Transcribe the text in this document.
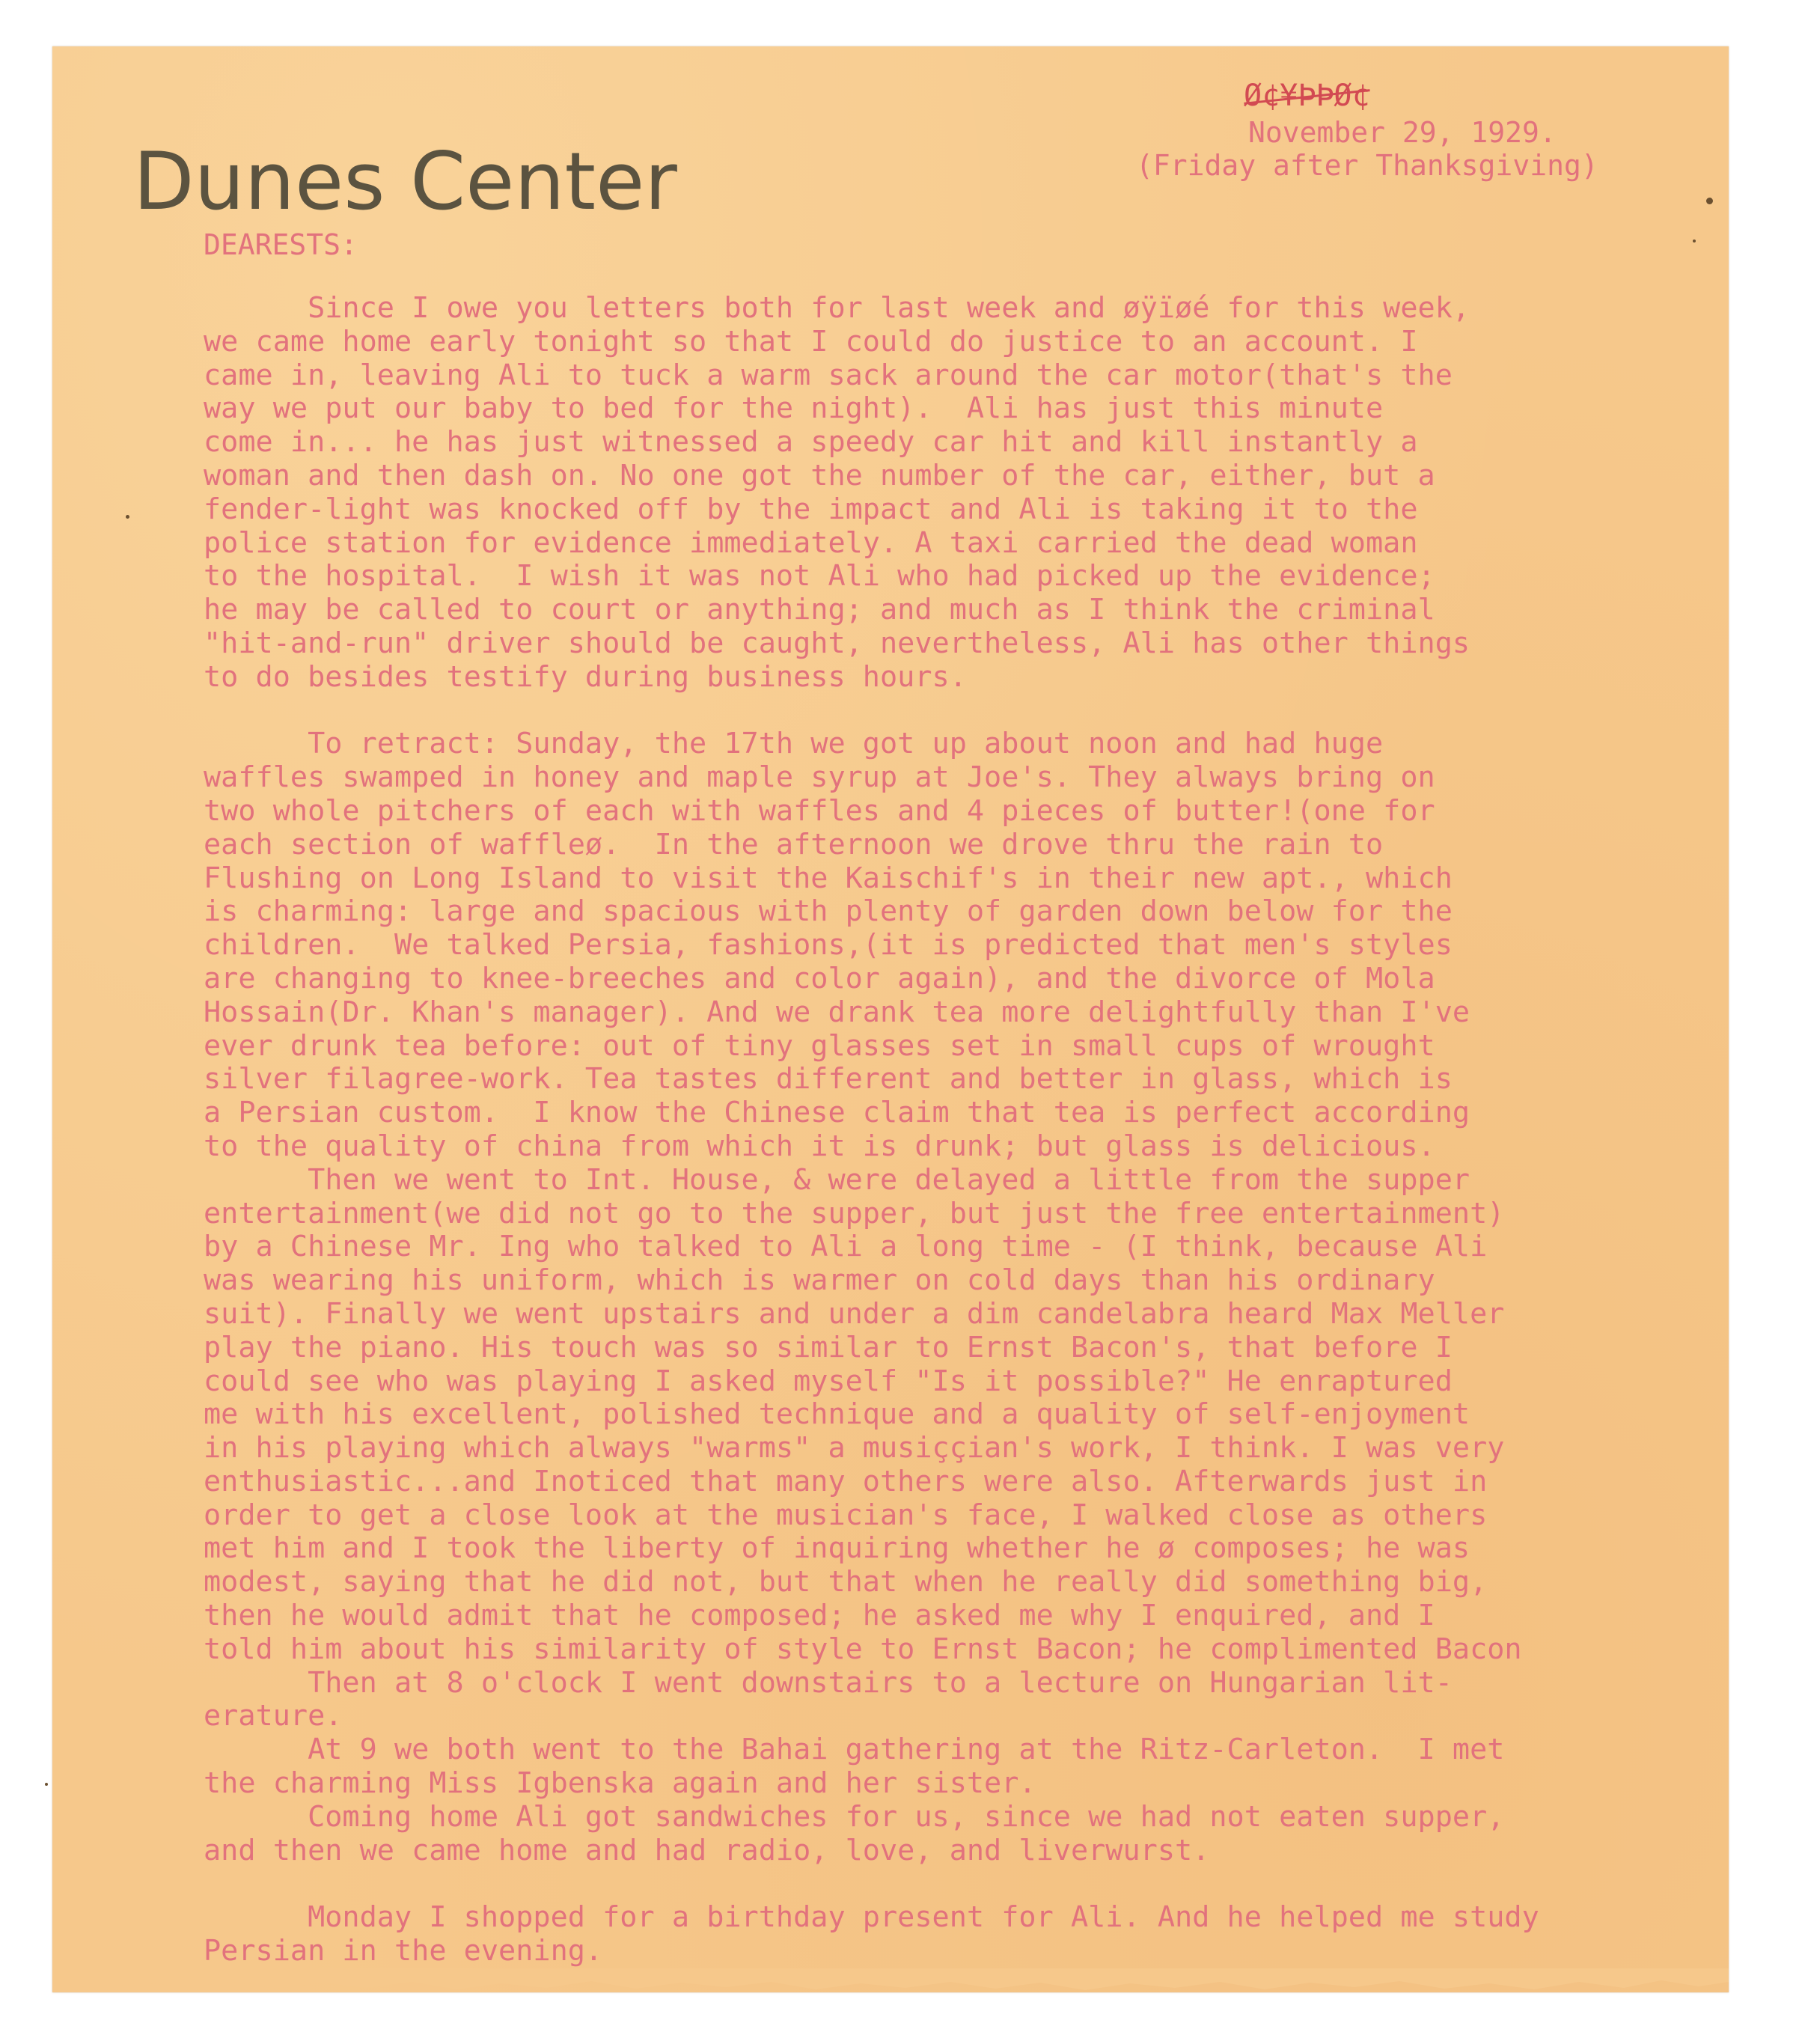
Ø¢¥ÞÞØ¢
November 29, 1929.
(Friday after Thanksgiving)
Dunes Center
DEARESTS:
Since I owe you letters both for last week and øÿïøé for this week,
we came home early tonight so that I could do justice to an account. I
came in, leaving Ali to tuck a warm sack around the car motor(that's the
way we put our baby to bed for the night).  Ali has just this minute
come in... he has just witnessed a speedy car hit and kill instantly a
woman and then dash on. No one got the number of the car, either, but a
fender-light was knocked off by the impact and Ali is taking it to the
police station for evidence immediately. A taxi carried the dead woman
to the hospital.  I wish it was not Ali who had picked up the evidence;
he may be called to court or anything; and much as I think the criminal
"hit-and-run" driver should be caught, nevertheless, Ali has other things
to do besides testify during business hours.
To retract: Sunday, the 17th we got up about noon and had huge
waffles swamped in honey and maple syrup at Joe's. They always bring on
two whole pitchers of each with waffles and 4 pieces of butter!(one for
each section of waffleø.  In the afternoon we drove thru the rain to
Flushing on Long Island to visit the Kaischif's in their new apt., which
is charming: large and spacious with plenty of garden down below for the
children.  We talked Persia, fashions,(it is predicted that men's styles
are changing to knee-breeches and color again), and the divorce of Mola
Hossain(Dr. Khan's manager). And we drank tea more delightfully than I've
ever drunk tea before: out of tiny glasses set in small cups of wrought
silver filagree-work. Tea tastes different and better in glass, which is
a Persian custom.  I know the Chinese claim that tea is perfect according
to the quality of china from which it is drunk; but glass is delicious.
Then we went to Int. House, & were delayed a little from the supper
entertainment(we did not go to the supper, but just the free entertainment)
by a Chinese Mr. Ing who talked to Ali a long time - (I think, because Ali
was wearing his uniform, which is warmer on cold days than his ordinary
suit). Finally we went upstairs and under a dim candelabra heard Max Meller
play the piano. His touch was so similar to Ernst Bacon's, that before I
could see who was playing I asked myself "Is it possible?" He enraptured
me with his excellent, polished technique and a quality of self-enjoyment
in his playing which always "warms" a musiççian's work, I think. I was very
enthusiastic...and Inoticed that many others were also. Afterwards just in
order to get a close look at the musician's face, I walked close as others
met him and I took the liberty of inquiring whether he ø composes; he was
modest, saying that he did not, but that when he really did something big,
then he would admit that he composed; he asked me why I enquired, and I
told him about his similarity of style to Ernst Bacon; he complimented Bacon
Then at 8 o'clock I went downstairs to a lecture on Hungarian lit-
erature.
At 9 we both went to the Bahai gathering at the Ritz-Carleton.  I met
the charming Miss Igbenska again and her sister.
Coming home Ali got sandwiches for us, since we had not eaten supper,
and then we came home and had radio, love, and liverwurst.
Monday I shopped for a birthday present for Ali. And he helped me study
Persian in the evening.
